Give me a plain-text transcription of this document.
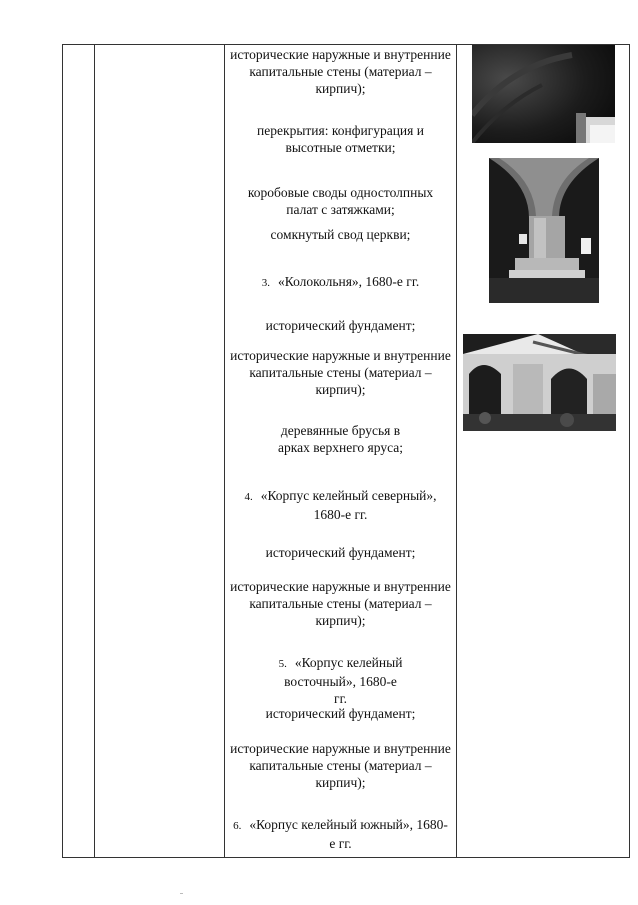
исторические наружные и внутренние капитальные стены (материал – кирпич);
перекрытия: конфигурация и высотные отметки;
коробовые своды одностолпных палат с затяжками;
сомкнутый свод церкви;
3. «Колокольня», 1680-е гг.
исторический фундамент;
исторические наружные и внутренние капитальные стены (материал – кирпич);
деревянные брусья в арках верхнего яруса;
4. «Корпус келейный северный», 1680-е гг.
исторический фундамент;
исторические наружные и внутренние капитальные стены (материал – кирпич);
5. «Корпус келейный восточный», 1680-е гг.
исторический фундамент;
исторические наружные и внутренние капитальные стены (материал – кирпич);
6. «Корпус келейный южный», 1680-е гг.
